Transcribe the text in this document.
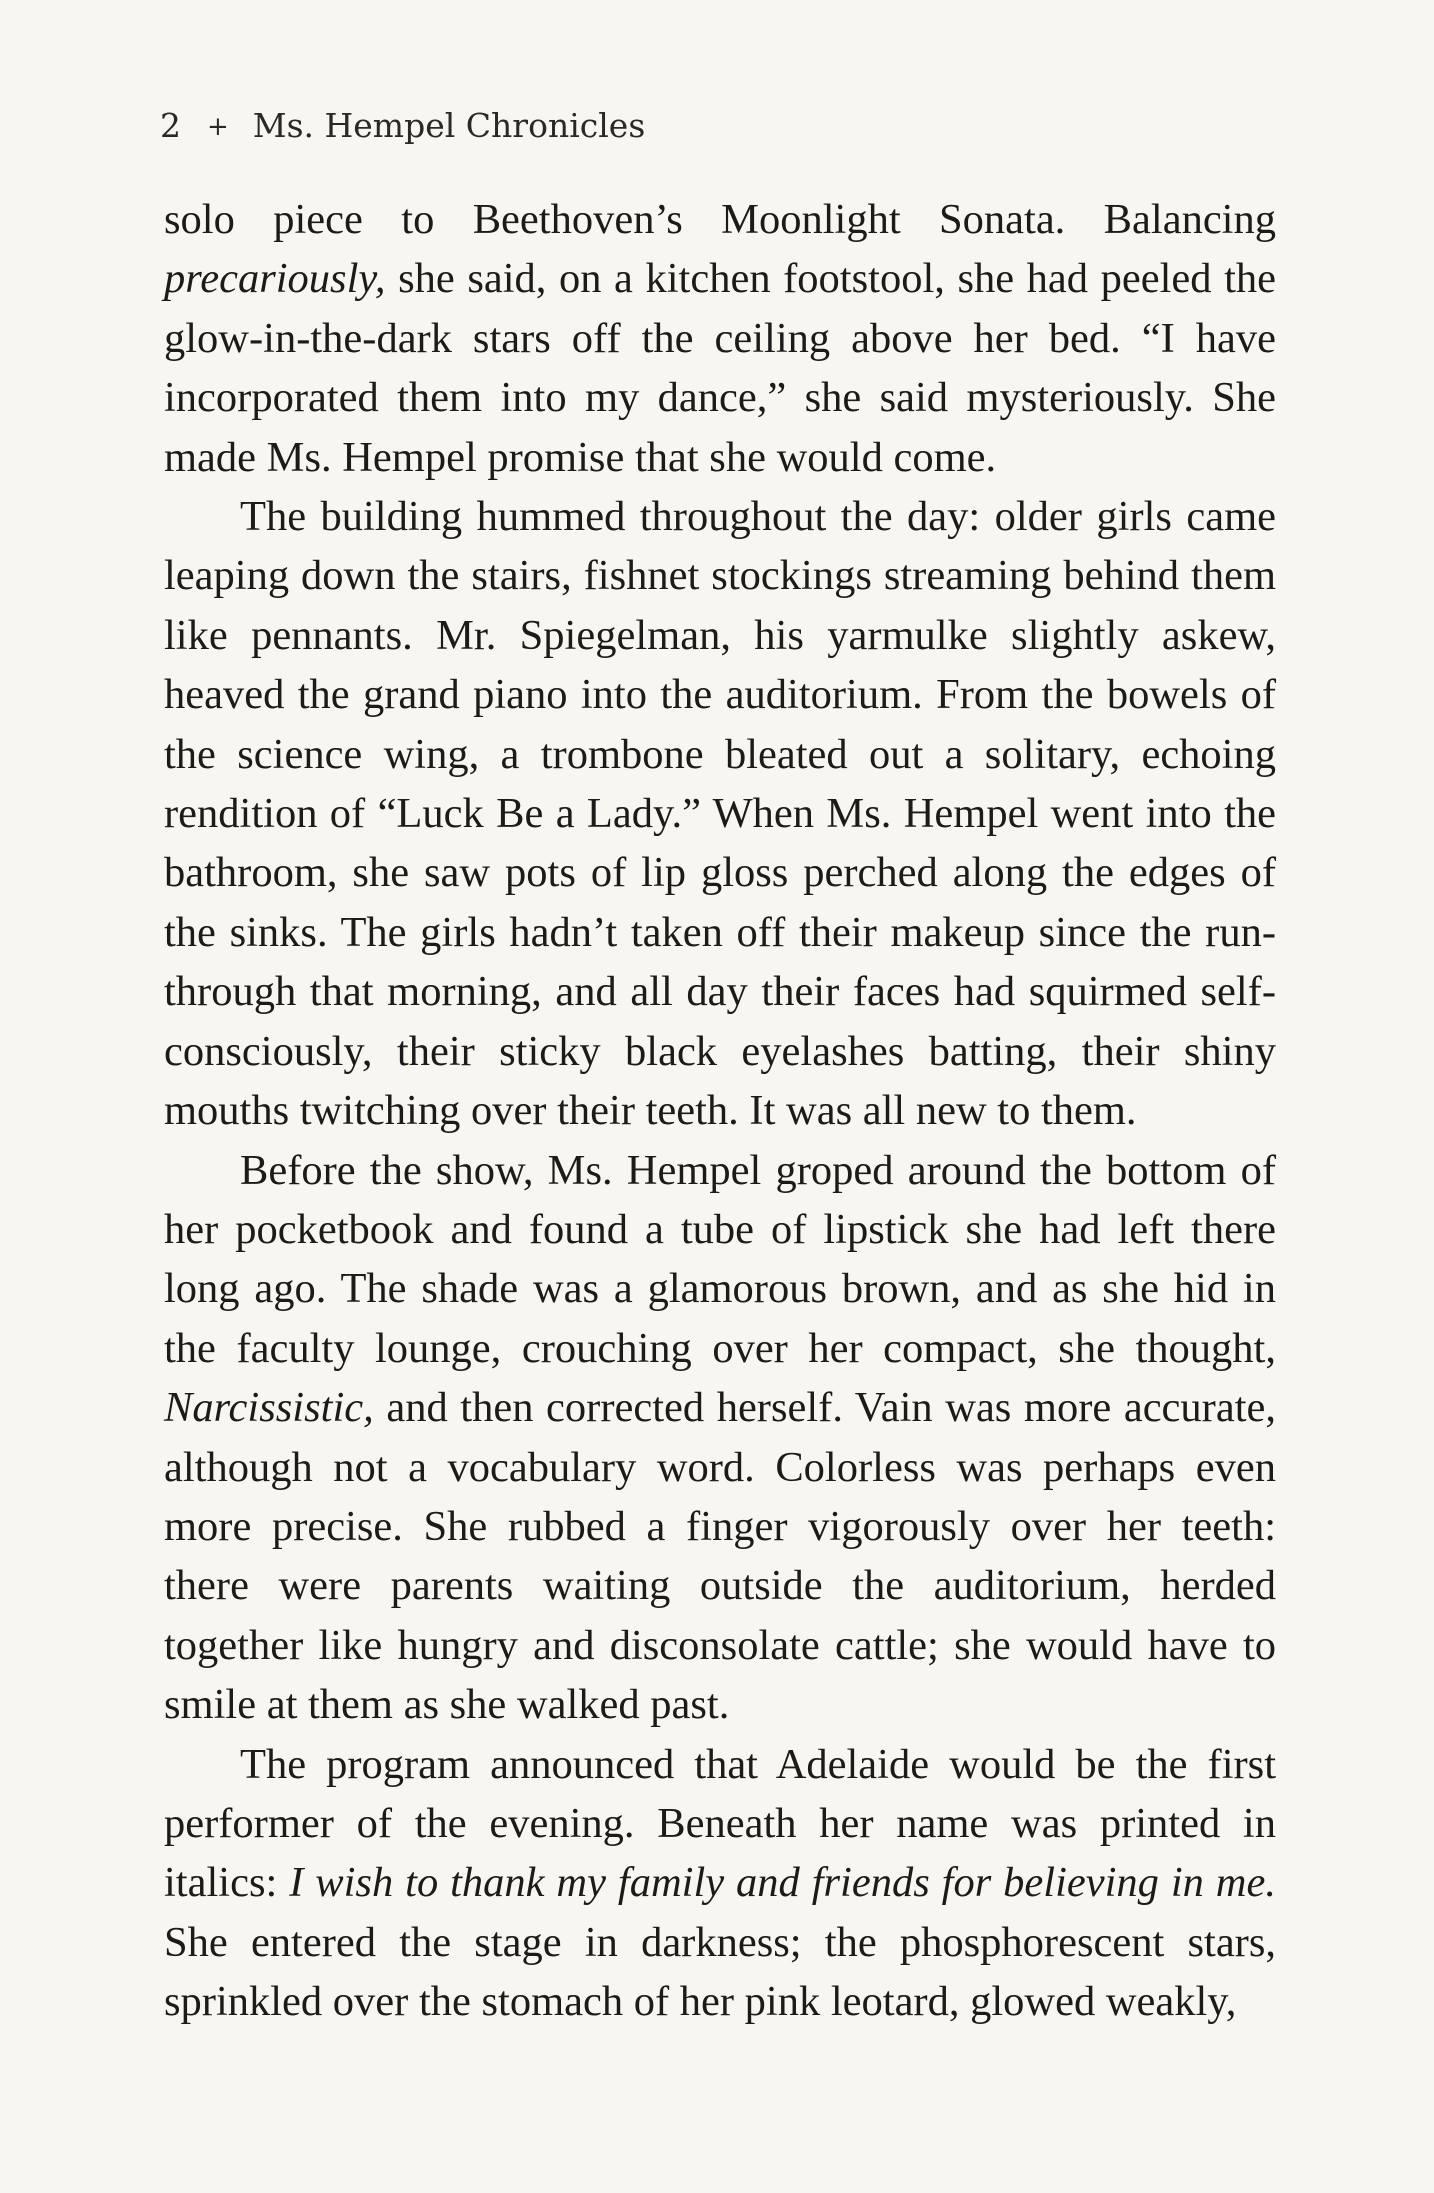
2 + Ms. Hempel Chronicles

solo piece to Beethoven’s Moonlight Sonata. Balancing precariously, she said, on a kitchen footstool, she had peeled the glow-in-the-dark stars off the ceiling above her bed. “I have incorporated them into my dance,” she said mysteriously. She made Ms. Hempel promise that she would come.

The building hummed throughout the day: older girls came leaping down the stairs, fishnet stockings streaming behind them like pennants. Mr. Spiegelman, his yarmulke slightly askew, heaved the grand piano into the auditorium. From the bowels of the science wing, a trombone bleated out a solitary, echoing rendition of “Luck Be a Lady.” When Ms. Hempel went into the bathroom, she saw pots of lip gloss perched along the edges of the sinks. The girls hadn’t taken off their makeup since the run-through that morning, and all day their faces had squirmed self-consciously, their sticky black eyelashes batting, their shiny mouths twitching over their teeth. It was all new to them.

Before the show, Ms. Hempel groped around the bottom of her pocketbook and found a tube of lipstick she had left there long ago. The shade was a glamorous brown, and as she hid in the faculty lounge, crouching over her compact, she thought, Narcissistic, and then corrected herself. Vain was more accurate, although not a vocabulary word. Colorless was perhaps even more precise. She rubbed a finger vigorously over her teeth: there were parents waiting outside the auditorium, herded together like hungry and disconsolate cattle; she would have to smile at them as she walked past.

The program announced that Adelaide would be the first performer of the evening. Beneath her name was printed in italics: I wish to thank my family and friends for believing in me. She entered the stage in darkness; the phosphorescent stars, sprinkled over the stomach of her pink leotard, glowed weakly,
